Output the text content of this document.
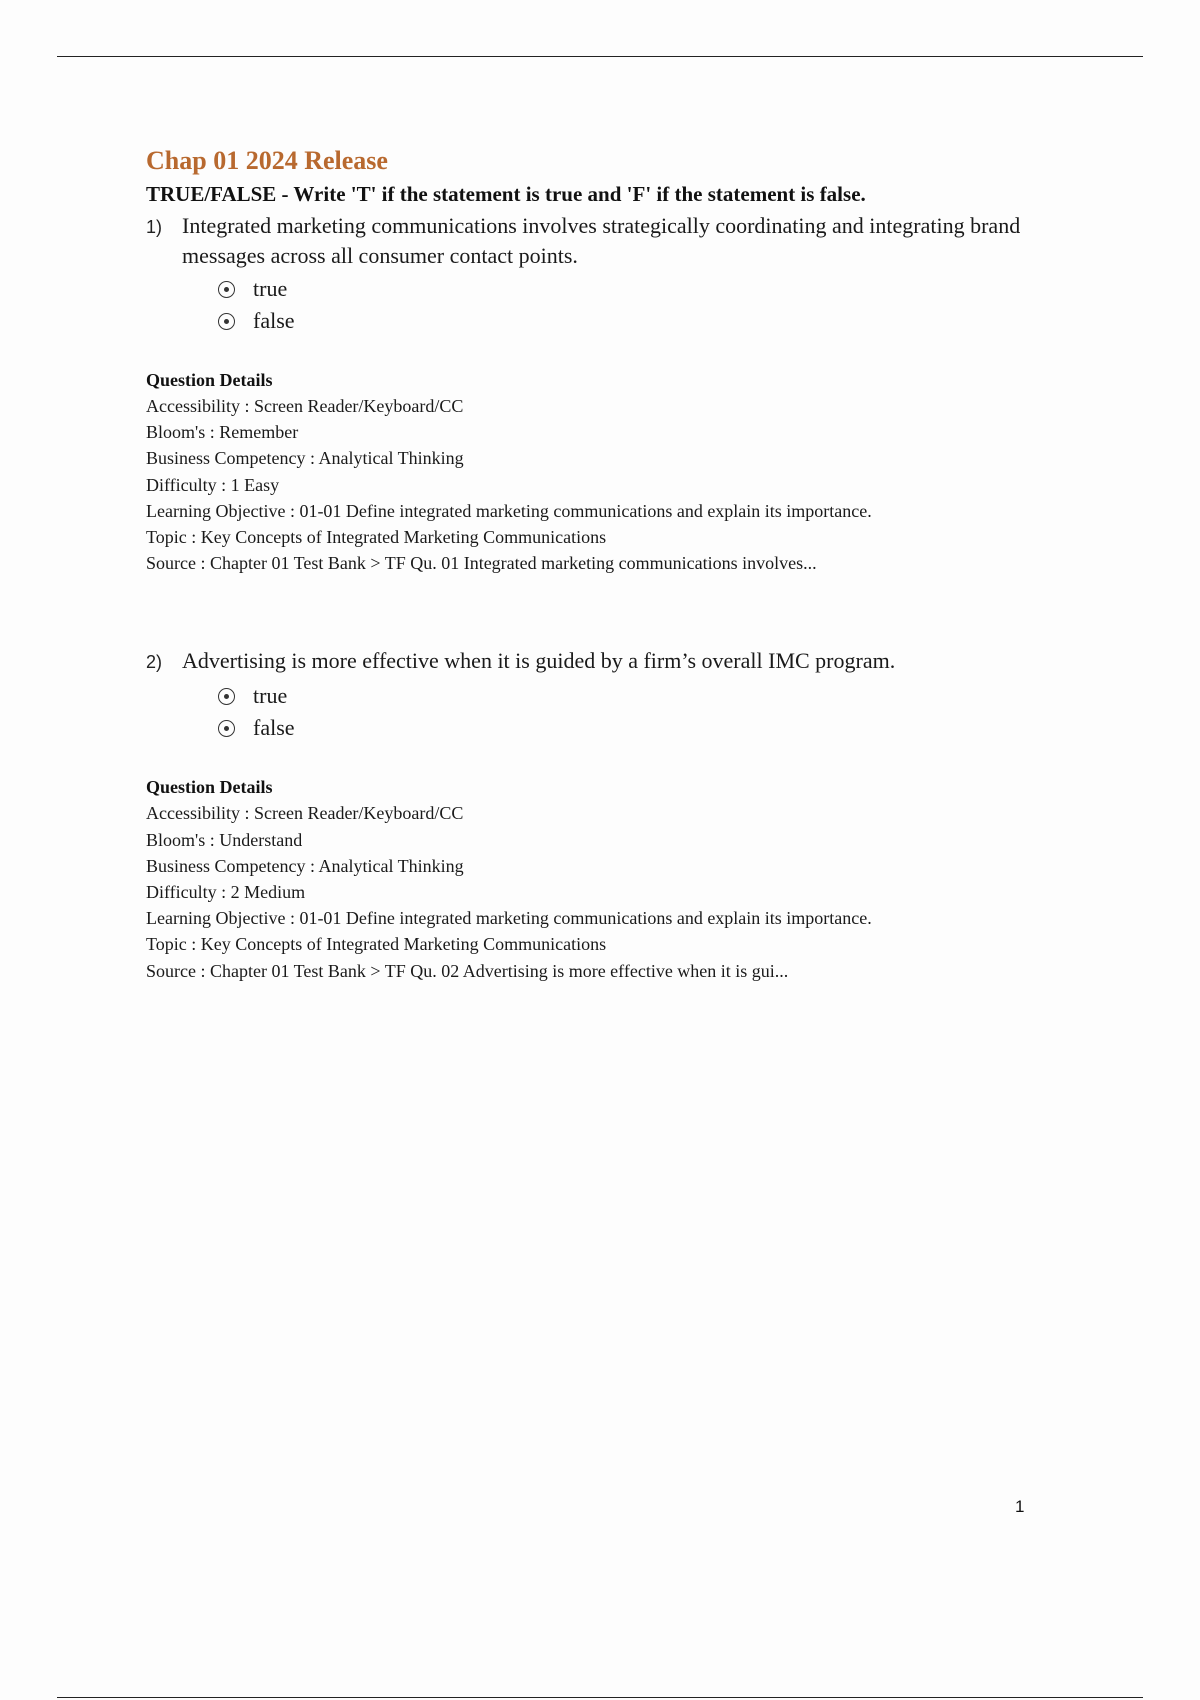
Chap 01 2024 Release

TRUE/FALSE - Write 'T' if the statement is true and 'F' if the statement is false.

1) Integrated marketing communications involves strategically coordinating and integrating brand messages across all consumer contact points.
true
false

Question Details

Accessibility : Screen Reader/Keyboard/CC
Bloom's : Remember
Business Competency : Analytical Thinking
Difficulty : 1 Easy
Learning Objective : 01-01 Define integrated marketing communications and explain its importance.
Topic : Key Concepts of Integrated Marketing Communications
Source : Chapter 01 Test Bank > TF Qu. 01 Integrated marketing communications involves...
2) Advertising is more effective when it is guided by a firm’s overall IMC program.
true
false

Question Details

Accessibility : Screen Reader/Keyboard/CC
Bloom's : Understand
Business Competency : Analytical Thinking
Difficulty : 2 Medium
Learning Objective : 01-01 Define integrated marketing communications and explain its importance.
Topic : Key Concepts of Integrated Marketing Communications
Source : Chapter 01 Test Bank > TF Qu. 02 Advertising is more effective when it is gui...
1
